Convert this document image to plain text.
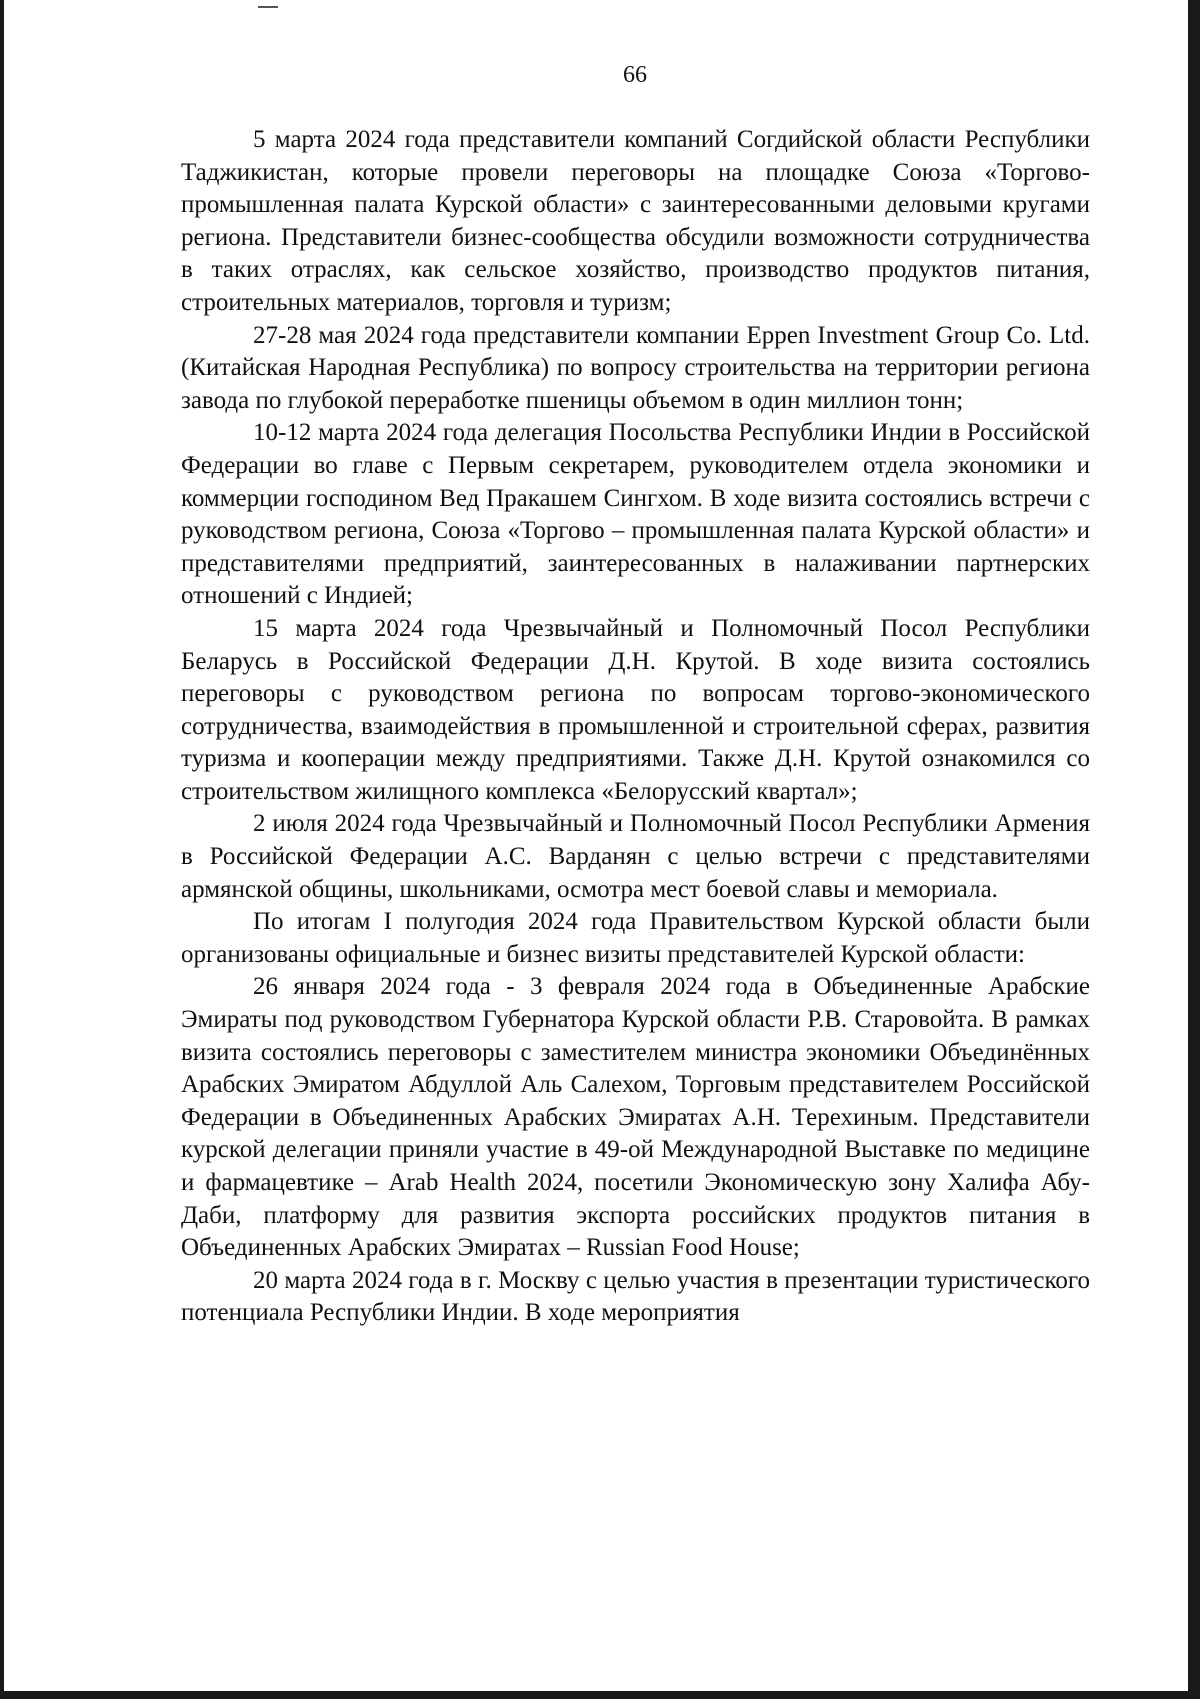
66

5 марта 2024 года представители компаний Согдийской области Республики Таджикистан, которые провели переговоры на площадке Союза «Торгово-промышленная палата Курской области» с заинтересованными деловыми кругами региона. Представители бизнес-сообщества обсудили возможности сотрудничества в таких отраслях, как сельское хозяйство, производство продуктов питания, строительных материалов, торговля и туризм;

27-28 мая 2024 года представители компании Eppen Investment Group Co. Ltd. (Китайская Народная Республика) по вопросу строительства на территории региона завода по глубокой переработке пшеницы объемом в один миллион тонн;

10-12 марта 2024 года делегация Посольства Республики Индии в Российской Федерации во главе с Первым секретарем, руководителем отдела экономики и коммерции господином Вед Пракашем Сингхом. В ходе визита состоялись встречи с руководством региона, Союза «Торгово – промышленная палата Курской области» и представителями предприятий, заинтересованных в налаживании партнерских отношений с Индией;

15 марта 2024 года Чрезвычайный и Полномочный Посол Республики Беларусь в Российской Федерации Д.Н. Крутой. В ходе визита состоялись переговоры с руководством региона по вопросам торгово-экономического сотрудничества, взаимодействия в промышленной и строительной сферах, развития туризма и кооперации между предприятиями. Также Д.Н. Крутой ознакомился со строительством жилищного комплекса «Белорусский квартал»;

2 июля 2024 года Чрезвычайный и Полномочный Посол Республики Армения в Российской Федерации А.С. Варданян с целью встречи с представителями армянской общины, школьниками, осмотра мест боевой славы и мемориала.

По итогам I полугодия 2024 года Правительством Курской области были организованы официальные и бизнес визиты представителей Курской области:

26 января 2024 года - 3 февраля 2024 года в Объединенные Арабские Эмираты под руководством Губернатора Курской области Р.В. Старовойта. В рамках визита состоялись переговоры с заместителем министра экономики Объединённых Арабских Эмиратом Абдуллой Аль Салехом, Торговым представителем Российской Федерации в Объединенных Арабских Эмиратах А.Н. Терехиным. Представители курской делегации приняли участие в 49-ой Международной Выставке по медицине и фармацевтике – Arab Health 2024, посетили Экономическую зону Халифа Абу-Даби, платформу для развития экспорта российских продуктов питания в Объединенных Арабских Эмиратах – Russian Food House;

20 марта 2024 года в г. Москву с целью участия в презентации туристического потенциала Республики Индии. В ходе мероприятия
